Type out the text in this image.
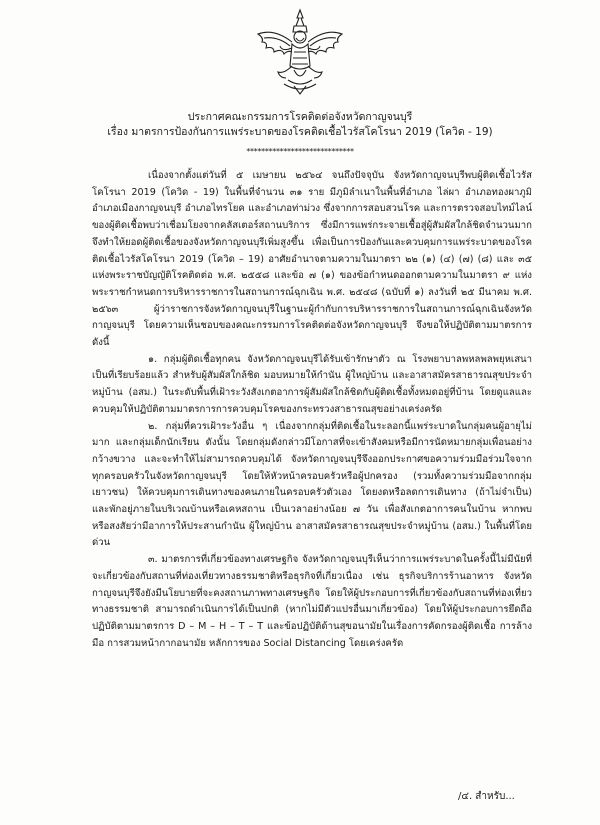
ประกาศคณะกรรมการโรคติดต่อจังหวัดกาญจนบุรี
เรื่อง มาตรการป้องกันการแพร่ระบาดของโรคติดเชื้อไวรัสโคโรนา 2019 (โควิด - 19)
*****************************

เนื่องจากตั้งแต่วันที่ ๕ เมษายน ๒๕๖๔ จนถึงปัจจุบัน จังหวัดกาญจนบุรีพบผู้ติดเชื้อไวรัสโคโรนา 2019 (โควิด - 19) ในพื้นที่จำนวน ๓๑ ราย มีภูมิลำเนาในพื้นที่อำเภอ ไล่ผา อำเภอทองผาภูมิ อำเภอเมืองกาญจนบุรี อำเภอไทรโยค และอำเภอท่าม่วง ซึ่งจากการสอบสวนโรค และการตรวจสอบไทม์ไลน์ของผู้ติดเชื้อพบว่าเชื่อมโยงจากคลัสเตอร์สถานบริการ ซึ่งมีการแพร่กระจายเชื้อสู่ผู้สัมผัสใกล้ชิดจำนวนมาก จึงทำให้ยอดผู้ติดเชื้อของจังหวัดกาญจนบุรีเพิ่มสูงขึ้น เพื่อเป็นการป้องกันและควบคุมการแพร่ระบาดของโรคติดเชื้อไวรัสโคโรนา 2019 (โควิด – 19) อาศัยอำนาจตามความในมาตรา ๒๒ (๑) (๔) (๗) (๘) และ ๓๕ แห่งพระราชบัญญัติโรคติดต่อ พ.ศ. ๒๕๕๘ และข้อ ๗ (๑) ของข้อกำหนดออกตามความในมาตรา ๙ แห่งพระราชกำหนดการบริหารราชการในสถานการณ์ฉุกเฉิน พ.ศ. ๒๕๔๘ (ฉบับที่ ๑) ลงวันที่ ๒๕ มีนาคม พ.ศ. ๒๕๖๓ ผู้ว่าราชการจังหวัดกาญจนบุรีในฐานะผู้กำกับการบริหารราชการในสถานการณ์ฉุกเฉินจังหวัดกาญจนบุรี โดยความเห็นชอบของคณะกรรมการโรคติดต่อจังหวัดกาญจนบุรี จึงขอให้ปฏิบัติตามมาตรการ ดังนี้

๑. กลุ่มผู้ติดเชื้อทุกคน จังหวัดกาญจนบุรีได้รับเข้ารักษาตัว ณ โรงพยาบาลพหลพลพยุหเสนา เป็นที่เรียบร้อยแล้ว สำหรับผู้สัมผัสใกล้ชิด มอบหมายให้กำนัน ผู้ใหญ่บ้าน และอาสาสมัครสาธารณสุขประจำหมู่บ้าน (อสม.) ในระดับพื้นที่เฝ้าระวังสังเกตอาการผู้สัมผัสใกล้ชิดกับผู้ติดเชื้อทั้งหมดอยู่ที่บ้าน โดยดูแลและควบคุมให้ปฏิบัติตามมาตรการการควบคุมโรคของกระทรวงสาธารณสุขอย่างเคร่งครัด

๒. กลุ่มที่ควรเฝ้าระวังอื่น ๆ เนื่องจากกลุ่มที่ติดเชื้อในระลอกนี้แพร่ระบาดในกลุ่มคนผู้อายุไม่มาก และกลุ่มเด็กนักเรียน ดังนั้น โดยกลุ่มดังกล่าวมีโอกาสที่จะเข้าสังคมหรือมีการนัดหมายกลุ่มเพื่อนอย่างกว้างขวาง และจะทำให้ไม่สามารถควบคุมได้ จังหวัดกาญจนบุรีจึงออกประกาศขอความร่วมมือร่วมใจจากทุกครอบครัวในจังหวัดกาญจนบุรี โดยให้หัวหน้าครอบครัวหรือผู้ปกครอง (รวมทั้งความร่วมมือจากกลุ่มเยาวชน) ให้ควบคุมการเดินทางของคนภายในครอบครัวตัวเอง โดยงดหรือลดการเดินทาง (ถ้าไม่จำเป็น) และพักอยู่ภายในบริเวณบ้านหรือเคหสถาน เป็นเวลาอย่างน้อย ๗ วัน เพื่อสังเกตอาการคนในบ้าน หากพบหรือสงสัยว่ามีอาการให้ประสานกำนัน ผู้ใหญ่บ้าน อาสาสมัครสาธารณสุขประจำหมู่บ้าน (อสม.) ในพื้นที่โดยด่วน

๓. มาตรการที่เกี่ยวข้องทางเศรษฐกิจ จังหวัดกาญจนบุรีเห็นว่าการแพร่ระบาดในครั้งนี้ไม่มีนัยที่จะเกี่ยวข้องกับสถานที่ท่องเที่ยวทางธรรมชาติหรือธุรกิจที่เกี่ยวเนื่อง เช่น ธุรกิจบริการร้านอาหาร จังหวัดกาญจนบุรีจึงยังมีนโยบายที่จะคงสถานภาพทางเศรษฐกิจ โดยให้ผู้ประกอบการที่เกี่ยวข้องกับสถานที่ท่องเที่ยวทางธรรมชาติ สามารถดำเนินการได้เป็นปกติ (หากไม่มีตัวแปรอื่นมาเกี่ยวข้อง) โดยให้ผู้ประกอบการยึดถือปฏิบัติตามมาตรการ D – M – H – T – T และข้อปฏิบัติด้านสุขอนามัยในเรื่องการคัดกรองผู้ติดเชื้อ การล้างมือ การสวมหน้ากากอนามัย หลักการของ Social Distancing โดยเคร่งครัด

/๔. สำหรับ...
